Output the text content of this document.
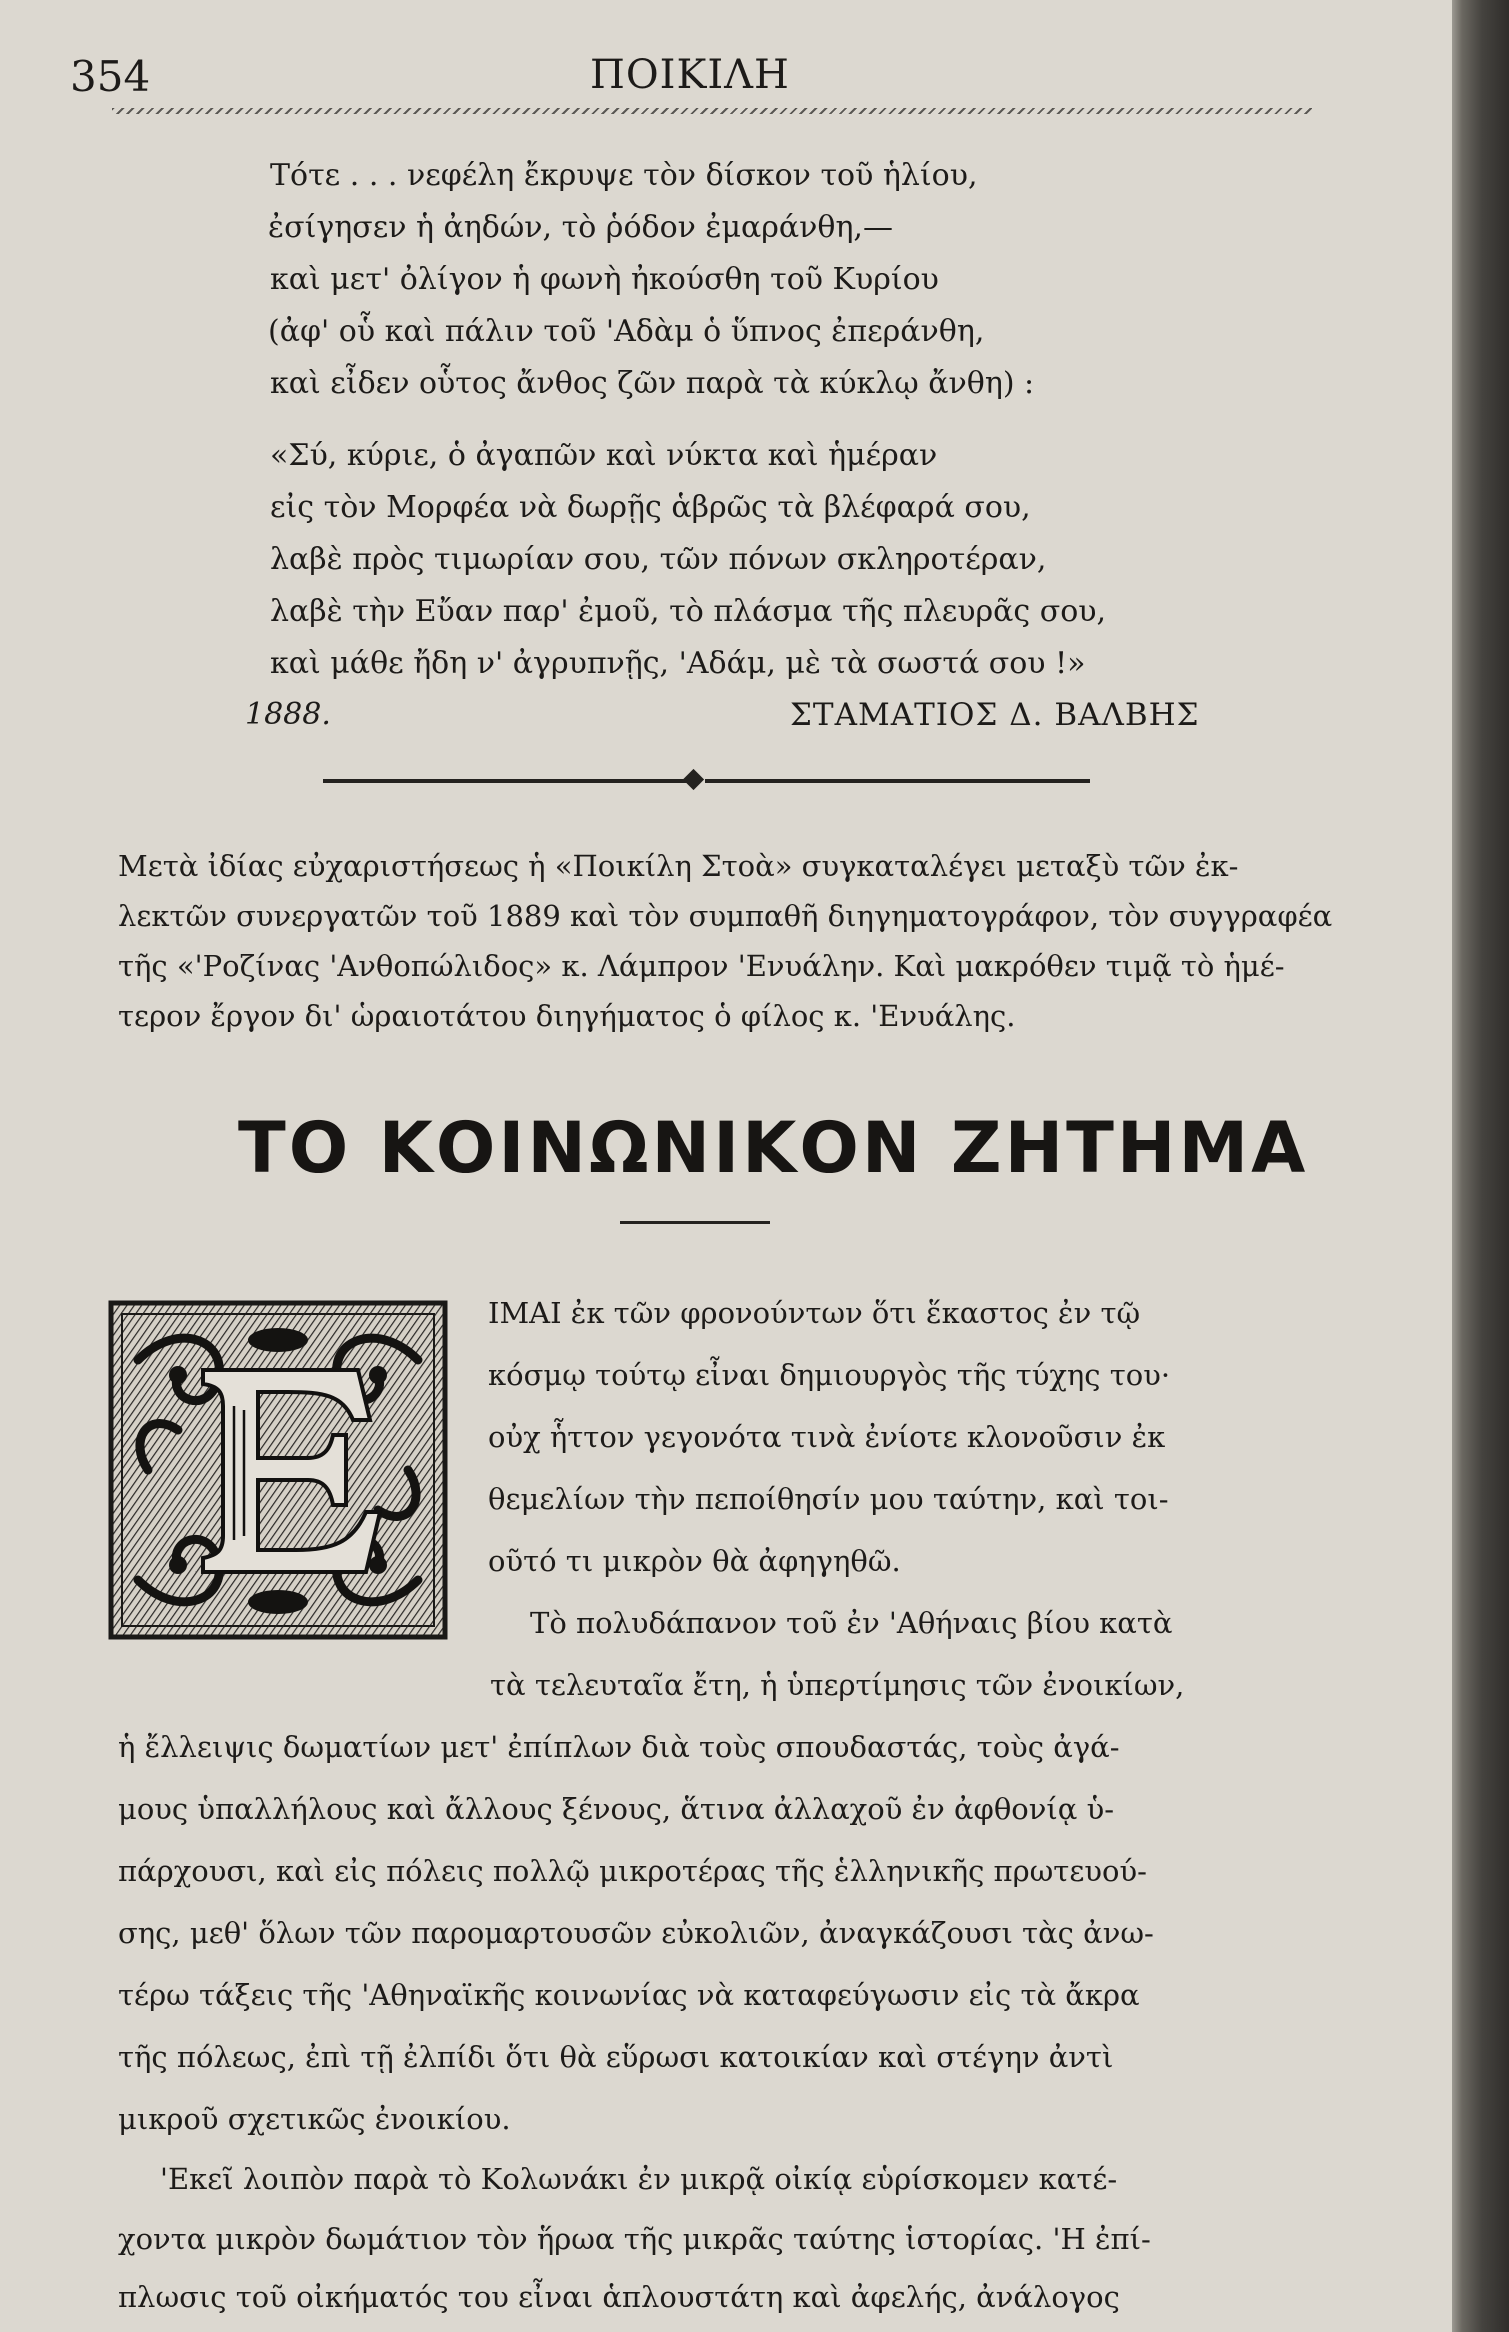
354	ΠΟΙΚΙΛΗ

Τότε . . . νεφέλη ἔκρυψε τὸν δίσκον τοῦ ἡλίου,

ἐσίγησεν ἡ ἀηδών, τὸ ῥόδον ἐμαράνθη,—

καὶ μετ' ὀλίγον ἡ φωνὴ ἠκούσθη τοῦ Κυρίου

(ἀφ' οὗ καὶ πάλιν τοῦ 'Αδὰμ ὁ ὕπνος ἐπεράνθη,

καὶ εἶδεν οὗτος ἄνθος ζῶν παρὰ τὰ κύκλῳ ἄνθη) :

«Σύ, κύριε, ὁ ἀγαπῶν καὶ νύκτα καὶ ἡμέραν

εἰς τὸν Μορφέα νὰ δωρῇς ἁβρῶς τὰ βλέφαρά σου,

λαβὲ πρὸς τιμωρίαν σου, τῶν πόνων σκληροτέραν,

λαβὲ τὴν Εὔαν παρ' ἐμοῦ, τὸ πλάσμα τῆς πλευρᾶς σου,

καὶ μάθε ἤδη ν' ἀγρυπνῇς, 'Αδάμ, μὲ τὰ σωστά σου !»

1888.	ΣΤΑΜΑΤΙΟΣ Δ. ΒΑΛΒΗΣ

Μετὰ ἰδίας εὐχαριστήσεως ἡ «Ποικίλη Στοὰ» συγκαταλέγει μεταξὺ τῶν ἐκ-

λεκτῶν συνεργατῶν τοῦ 1889 καὶ τὸν συμπαθῆ διηγηματογράφον, τὸν συγγραφέα

τῆς «'Ροζίνας 'Ανθοπώλιδος» κ. Λάμπρον 'Ενυάλην. Καὶ μακρόθεν τιμᾷ τὸ ἡμέ-

τερον ἔργον δι' ὡραιοτάτου διηγήματος ὁ φίλος κ. 'Ενυάλης.

ΤΟ ΚΟΙΝΩΝΙΚΟΝ ΖΗΤΗΜΑ

ΙΜΑΙ ἐκ τῶν φρονούντων ὅτι ἕκαστος ἐν τῷ

κόσμῳ τούτῳ εἶναι δημιουργὸς τῆς τύχης του·

οὐχ ἧττον γεγονότα τινὰ ἐνίοτε κλονοῦσιν ἐκ

θεμελίων τὴν πεποίθησίν μου ταύτην, καὶ τοι-

οῦτό τι μικρὸν θὰ ἀφηγηθῶ.

Τὸ πολυδάπανον τοῦ ἐν 'Αθήναις βίου κατὰ

τὰ τελευταῖα ἔτη, ἡ ὑπερτίμησις τῶν ἐνοικίων,

ἡ ἔλλειψις δωματίων μετ' ἐπίπλων διὰ τοὺς σπουδαστάς, τοὺς ἀγά-

μους ὑπαλλήλους καὶ ἄλλους ξένους, ἅτινα ἀλλαχοῦ ἐν ἀφθονίᾳ ὑ-

πάρχουσι, καὶ εἰς πόλεις πολλῷ μικροτέρας τῆς ἑλληνικῆς πρωτευού-

σης, μεθ' ὅλων τῶν παρομαρτουσῶν εὐκολιῶν, ἀναγκάζουσι τὰς ἀνω-

τέρω τάξεις τῆς 'Αθηναϊκῆς κοινωνίας νὰ καταφεύγωσιν εἰς τὰ ἄκρα

τῆς πόλεως, ἐπὶ τῇ ἐλπίδι ὅτι θὰ εὕρωσι κατοικίαν καὶ στέγην ἀντὶ

μικροῦ σχετικῶς ἐνοικίου.

'Εκεῖ λοιπὸν παρὰ τὸ Κολωνάκι ἐν μικρᾷ οἰκίᾳ εὑρίσκομεν κατέ-

χοντα μικρὸν δωμάτιον τὸν ἥρωα τῆς μικρᾶς ταύτης ἱστορίας. 'Η ἐπί-

πλωσις τοῦ οἰκήματός του εἶναι ἁπλουστάτη καὶ ἀφελής, ἀνάλογος
